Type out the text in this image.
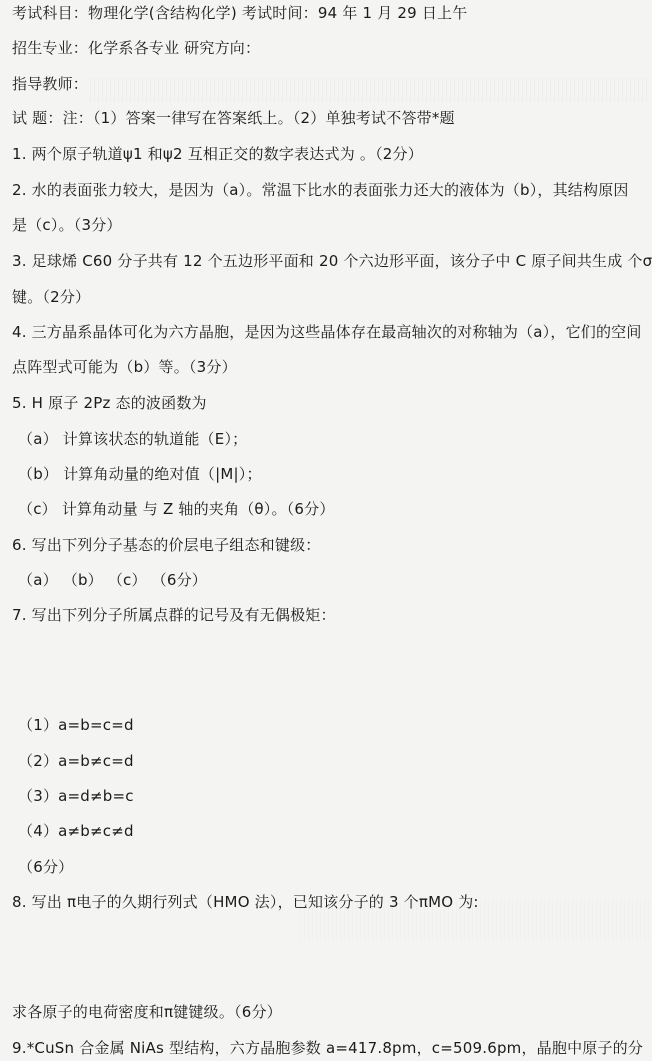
考试科目：物理化学(含结构化学) 考试时间：94 年 1 月 29 日上午
招生专业：化学系各专业 研究方向：
指导教师：
试 题：注：（1）答案一律写在答案纸上。（2）单独考试不答带*题
1. 两个原子轨道ψ1 和ψ2 互相正交的数字表达式为 。（2分）
2. 水的表面张力较大，是因为（a）。常温下比水的表面张力还大的液体为（b），其结构原因
是（c）。（3分）
3. 足球烯 C60 分子共有 12 个五边形平面和 20 个六边形平面，该分子中 C 原子间共生成 个σ
键。（2分）
4. 三方晶系晶体可化为六方晶胞，是因为这些晶体存在最高轴次的对称轴为（a），它们的空间
点阵型式可能为（b）等。（3分）
5. H 原子 2Pz 态的波函数为
（a） 计算该状态的轨道能（E）；
（b） 计算角动量的绝对值（|M|）；
（c） 计算角动量 与 Z 轴的夹角（θ）。（6分）
6. 写出下列分子基态的价层电子组态和键级：
（a） （b） （c） （6分）
7. 写出下列分子所属点群的记号及有无偶极矩：
（1）a=b=c=d
（2）a=b≠c=d
（3）a=d≠b=c
（4）a≠b≠c≠d
（6分）
8. 写出 π电子的久期行列式（HMO 法），已知该分子的 3 个πMO 为:
求各原子的电荷密度和π键键级。（6分）
9.*CuSn 合金属 NiAs 型结构，六方晶胞参数 a=417.8pm，c=509.6pm，晶胞中原子的分
